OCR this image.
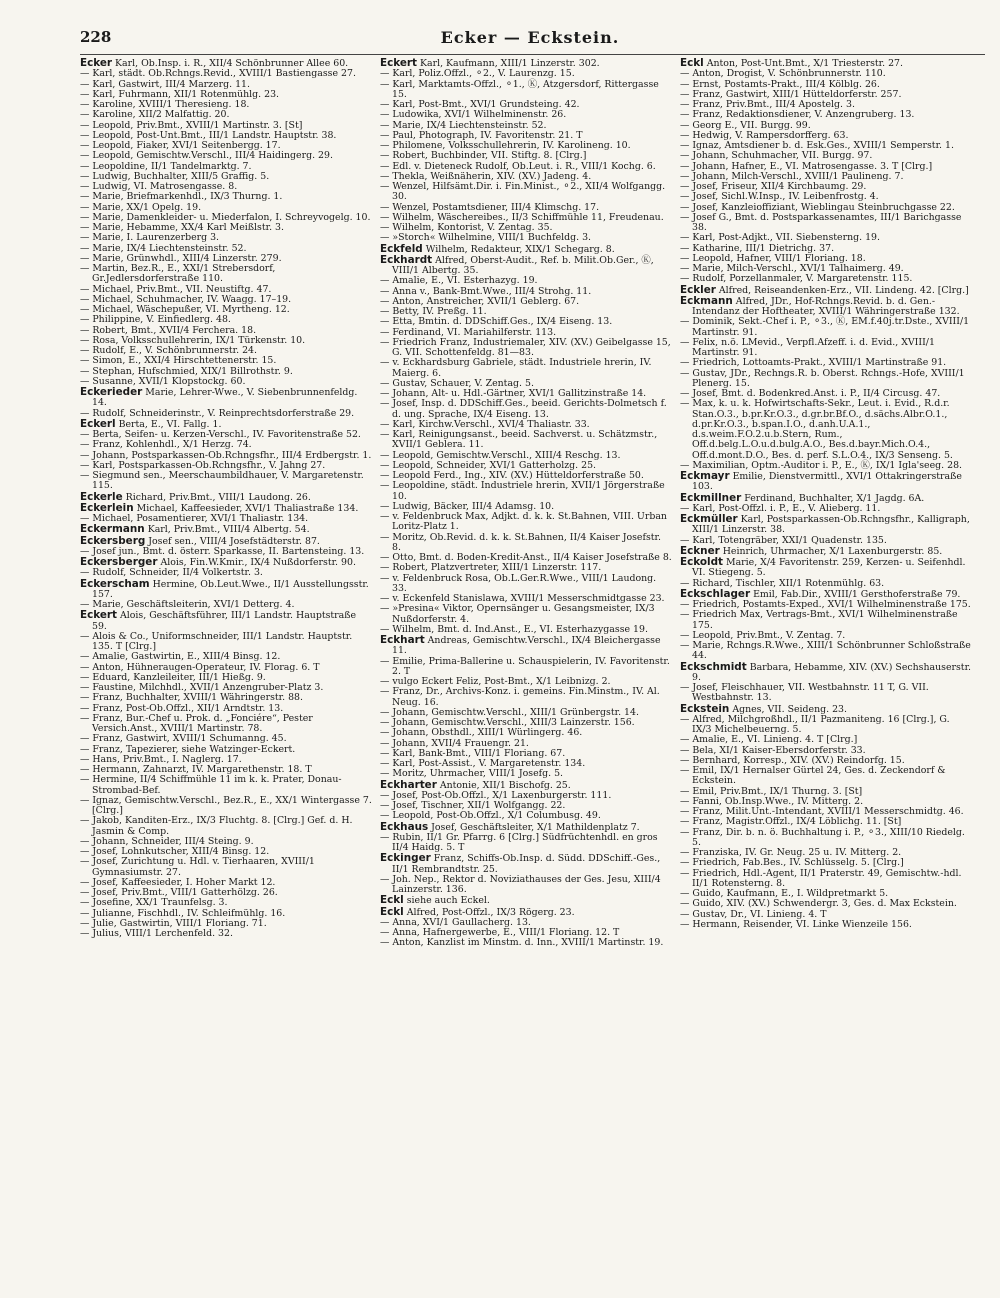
228	Ecker — Eckstein.
Ecker Karl, Ob.Insp. i. R., XII/4 Schönbrunner Allee 60.
— Karl, städt. Ob.Rchngs.Revid., XVIII/1 Bastiengasse 27.
— Karl, Gastwirt, III/4 Marzerg. 11.
— Karl, Fuhrmann, XII/1 Rotenmühlg. 23.
— Karoline, XVIII/1 Theresieng. 18.
— Karoline, XII/2 Malfattig. 20.
— Leopold, Priv.Bmt., XVIII/1 Martinstr. 3. [St]
— Leopold, Post-Unt.Bmt., III/1 Landstr. Hauptstr. 38.
— Leopold, Fiaker, XVI/1 Seitenbergg. 17.
— Leopold, Gemischtw.Verschl., III/4 Haidingerg. 29.
— Leopoldine, II/1 Tandelmarktg. 7.
— Ludwig, Buchhalter, XIII/5 Graffig. 5.
— Ludwig, VI. Matrosengasse. 8.
— Marie, Briefmarkenhdl., IX/3 Thurng. 1.
— Marie, XX/1 Opelg. 19.
— Marie, Damenkleider- u. Miederfalon, I. Schreyvogelg. 10.
— Marie, Hebamme, XX/4 Karl Meißlstr. 3.
— Marie, I. Laurenzerberg 3.
— Marie, IX/4 Liechtensteinstr. 52.
— Marie, Grünwhdl., XIII/4 Linzerstr. 279.
— Martin, Bez.R., E., XXI/1 Strebersdorf, Gr.Jedlersdorferstraße 110.
— Michael, Priv.Bmt., VII. Neustiftg. 47.
— Michael, Schuhmacher, IV. Waagg. 17–19.
— Michael, Wäschepußer, VI. Myrtheng. 12.
— Philippine, V. Einfiedlerg. 48.
— Robert, Bmt., XVII/4 Ferchera. 18.
— Rosa, Volksschullehrerin, IX/1 Türkenstr. 10.
— Rudolf, E., V. Schönbrunnerstr. 24.
— Simon, E., XXI/4 Hirschtettenerstr. 15.
— Stephan, Hufschmied, XIX/1 Billrothstr. 9.
— Susanne, XVII/1 Klopstockg. 60.
Eckerieder Marie, Lehrer-Wwe., V. Siebenbrunnenfeldg. 14.
— Rudolf, Schneiderinstr., V. Reinprechtsdorferstraße 29.
Eckerl Berta, E., VI. Fallg. 1.
— Berta, Seifen- u. Kerzen-Verschl., IV. Favoritenstraße 52.
— Franz, Kohlenhdl., X/1 Herzg. 74.
— Johann, Postsparkassen-Ob.Rchngsfhr., III/4 Erdbergstr. 1.
— Karl, Postsparkassen-Ob.Rchngsfhr., V. Jahng 27.
— Siegmund sen., Meerschaumbildhauer, V. Margaretenstr. 115.
Eckerle Richard, Priv.Bmt., VIII/1 Laudong. 26.
Eckerlein Michael, Kaffeesieder, XVI/1 Thaliastraße 134.
— Michael, Posamentierer, XVI/1 Thaliastr. 134.
Eckermann Karl, Priv.Bmt., VIII/4 Albertg. 54.
Eckersberg Josef sen., VIII/4 Josefstädterstr. 87.
— Josef jun., Bmt. d. österr. Sparkasse, II. Bartensteing. 13.
Eckersberger Alois, Fin.W.Kmir., IX/4 Nußdorferstr. 90.
— Rudolf, Schneider, II/4 Volkertstr. 3.
Eckerscham Hermine, Ob.Leut.Wwe., II/1 Ausstellungsstr. 157.
— Marie, Geschäftsleiterin, XVI/1 Detterg. 4.
Eckert Alois, Geschäftsführer, III/1 Landstr. Hauptstraße 59.
— Alois & Co., Uniformschneider, III/1 Landstr. Hauptstr. 135. T [Clrg.]
— Amalie, Gastwirtin, E., XIII/4 Binsg. 12.
— Anton, Hühneraugen-Operateur, IV. Florag. 6. T
— Eduard, Kanzleileiter, III/1 Hießg. 9.
— Faustine, Milchhdl., XVII/1 Anzengruber-Platz 3.
— Franz, Buchhalter, XVIII/1 Währingerstr. 88.
— Franz, Post-Ob.Offzl., XII/1 Arndtstr. 13.
— Franz, Bur.-Chef u. Prok. d. „Fonciére“, Pester Versich.Anst., XVIII/1 Martinstr. 78.
— Franz, Gastwirt, XVIII/1 Schumanng. 45.
— Franz, Tapezierer, siehe Watzinger-Eckert.
— Hans, Priv.Bmt., I. Naglerg. 17.
— Hermann, Zahnarzt, IV. Margarethenstr. 18. T
— Hermine, II/4 Schiffmühle 11 im k. k. Prater, Donau-Strombad-Bef.
— Ignaz, Gemischtw.Verschl., Bez.R., E., XX/1 Wintergasse 7. [Clrg.]
— Jakob, Kanditen-Erz., IX/3 Fluchtg. 8. [Clrg.] Gef. d. H. Jasmin & Comp.
— Johann, Schneider, III/4 Steing. 9.
— Josef, Lohnkutscher, XIII/4 Binsg. 12.
— Josef, Zurichtung u. Hdl. v. Tierhaaren, XVIII/1 Gymnasiumstr. 27.
— Josef, Kaffeesieder, I. Hoher Markt 12.
— Josef, Priv.Bmt., VIII/1 Gatterhölzg. 26.
— Josefine, XX/1 Traunfelsg. 3.
— Julianne, Fischhdl., IV. Schleifmühlg. 16.
— Julie, Gastwirtin, VIII/1 Floriang. 71.
— Julius, VIII/1 Lerchenfeld. 32.
Eckert Karl, Kaufmann, XIII/1 Linzerstr. 302.
— Karl, Poliz.Offzl., ⚬2., V. Laurenzg. 15.
— Karl, Marktamts-Offzl., ⚬1., Ⓚ, Atzgersdorf, Rittergasse 15.
— Karl, Post-Bmt., XVI/1 Grundsteing. 42.
— Ludowika, XVI/1 Wilhelminenstr. 26.
— Marie, IX/4 Liechtensteinstr. 52.
— Paul, Photograph, IV. Favoritenstr. 21. T
— Philomene, Volksschullehrerin, IV. Karolineng. 10.
— Robert, Buchbinder, VII. Stiftg. 8. [Clrg.]
— Edl. v. Dieteneck Rudolf, Ob.Leut. i. R., VIII/1 Kochg. 6.
— Thekla, Weißnäherin, XIV. (XV.) Jadeng. 4.
— Wenzel, Hilfsämt.Dir. i. Fin.Minist., ⚬2., XII/4 Wolfgangg. 30.
— Wenzel, Postamtsdiener, III/4 Klimschg. 17.
— Wilhelm, Wäschereibes., II/3 Schiffmühle 11, Freudenau.
— Wilhelm, Kontorist, V. Zentag. 35.
— »Storch« Wilhelmine, VIII/1 Buchfeldg. 3.
Eckfeld Wilhelm, Redakteur, XIX/1 Schegarg. 8.
Eckhardt Alfred, Oberst-Audit., Ref. b. Milit.Ob.Ger., Ⓚ, VIII/1 Albertg. 35.
— Amalie, E., VI. Esterhazyg. 19.
— Anna v., Bank-Bmt.Wwe., III/4 Strohg. 11.
— Anton, Anstreicher, XVII/1 Geblerg. 67.
— Betty, IV. Preßg. 11.
— Etta, Bmtin. d. DDSchiff.Ges., IX/4 Eiseng. 13.
— Ferdinand, VI. Mariahilferstr. 113.
— Friedrich Franz, Industriemaler, XIV. (XV.) Geibelgasse 15, G. VII. Schottenfeldg. 81—83.
— v. Eckhardsburg Gabriele, städt. Industriele hrerin, IV. Maierg. 6.
— Gustav, Schauer, V. Zentag. 5.
— Johann, Alt- u. Hdl.-Gärtner, XVI/1 Gallitzinstraße 14.
— Josef, Insp. d. DDSchiff.Ges., beeid. Gerichts-Dolmetsch f. d. ung. Sprache, IX/4 Eiseng. 13.
— Karl, Kirchw.Verschl., XVI/4 Thaliastr. 33.
— Karl, Reinigungsanst., beeid. Sachverst. u. Schätzmstr., XVII/1 Geblera. 11.
— Leopold, Gemischtw.Verschl., XIII/4 Reschg. 13.
— Leopold, Schneider, XVI/1 Gatterholzg. 25.
— Leopold Ferd., Ing., XIV. (XV.) Hütteldorferstraße 50.
— Leopoldine, städt. Industriele hrerin, XVII/1 Jörgerstraße 10.
— Ludwig, Bäcker, III/4 Adamsg. 10.
— v. Feldenbruck Max, Adjkt. d. k. k. St.Bahnen, VIII. Urban Loritz-Platz 1.
— Moritz, Ob.Revid. d. k. k. St.Bahnen, II/4 Kaiser Josefstr. 8.
— Otto, Bmt. d. Boden-Kredit-Anst., II/4 Kaiser Josefstraße 8.
— Robert, Platzvertreter, XIII/1 Linzerstr. 117.
— v. Feldenbruck Rosa, Ob.L.Ger.R.Wwe., VIII/1 Laudong. 33.
— v. Eckenfeld Stanislawa, XVIII/1 Messerschmidtgasse 23.
— »Presina« Viktor, Opernsänger u. Gesangsmeister, IX/3 Nußdorferstr. 4.
— Wilhelm, Bmt. d. Ind.Anst., E., VI. Esterhazygasse 19.
Eckhart Andreas, Gemischtw.Verschl., IX/4 Bleichergasse 11.
— Emilie, Prima-Ballerine u. Schauspielerin, IV. Favoritenstr. 2. T
— vulgo Eckert Feliz, Post-Bmt., X/1 Leibnizg. 2.
— Franz, Dr., Archivs-Konz. i. gemeins. Fin.Minstm., IV. Al. Neug. 16.
— Johann, Gemischtw.Verschl., XIII/1 Grünbergstr. 14.
— Johann, Gemischtw.Verschl., XIII/3 Lainzerstr. 156.
— Johann, Obsthdl., XIII/1 Würlingerg. 46.
— Johann, XVII/4 Frauengr. 21.
— Karl, Bank-Bmt., VIII/1 Floriang. 67.
— Karl, Post-Assist., V. Margaretenstr. 134.
— Moritz, Uhrmacher, VIII/1 Josefg. 5.
Eckharter Antonie, XII/1 Bischofg. 25.
— Josef, Post-Ob.Offzl., X/1 Laxenburgerstr. 111.
— Josef, Tischner, XII/1 Wolfgangg. 22.
— Leopold, Post-Ob.Offzl., X/1 Columbusg. 49.
Eckhaus Josef, Geschäftsleiter, X/1 Mathildenplatz 7.
— Rubin, II/1 Gr. Pfarrg. 6 [Clrg.] Südfrüchtenhdl. en gros II/4 Haidg. 5. T
Eckinger Franz, Schiffs-Ob.Insp. d. Südd. DDSchiff.-Ges., II/1 Rembrandtstr. 25.
— Joh. Nep., Rektor d. Noviziathauses der Ges. Jesu, XIII/4 Lainzerstr. 136.
Eckl siehe auch Eckel.
Eckl Alfred, Post-Offzl., IX/3 Rögerg. 23.
— Anna, XVI/1 Gaullacherg. 13.
— Anna, Hafnergewerbe, E., VIII/1 Floriang. 12. T
— Anton, Kanzlist im Minstm. d. Inn., XVIII/1 Martinstr. 19.
Eckl Anton, Post-Unt.Bmt., X/1 Triesterstr. 27.
— Anton, Drogist, V. Schönbrunnerstr. 110.
— Ernst, Postamts-Prakt., III/4 Kölblg. 26.
— Franz, Gastwirt, XIII/1 Hütteldorferstr. 257.
— Franz, Priv.Bmt., III/4 Apostelg. 3.
— Franz, Redaktionsdiener, V. Anzengruberg. 13.
— Georg E., VII. Burgg. 99.
— Hedwig, V. Rampersdorfferg. 63.
— Ignaz, Amtsdiener b. d. Esk.Ges., XVIII/1 Semperstr. 1.
— Johann, Schuhmacher, VII. Burgg. 97.
— Johann, Hafner, E., VI. Matrosengasse. 3. T [Clrg.]
— Johann, Milch-Verschl., XVIII/1 Paulineng. 7.
— Josef, Friseur, XII/4 Kirchbaumg. 29.
— Josef, Sichl.W.Insp., IV. Leibenfrostg. 4.
— Josef, Kanzleioffiziant, Wieblingau Steinbruchgasse 22.
— Josef G., Bmt. d. Postsparkassenamtes, III/1 Barichgasse 38.
— Karl, Post-Adjkt., VII. Siebensterng. 19.
— Katharine, III/1 Dietrichg. 37.
— Leopold, Hafner, VIII/1 Floriang. 18.
— Marie, Milch-Verschl., XVI/1 Talhaimerg. 49.
— Rudolf, Porzellanmaler, V. Margaretenstr. 115.
Eckler Alfred, Reiseandenken-Erz., VII. Lindeng. 42. [Clrg.]
Eckmann Alfred, JDr., Hof-Rchngs.Revid. b. d. Gen.-Intendanz der Hoftheater, XVIII/1 Währingerstraße 132.
— Dominik, Sekt.-Chef i. P., ⚬3., Ⓚ, EM.f.40j.tr.Dste., XVIII/1 Martinstr. 91.
— Felix, n.ö. LMevid., Verpfl.Afzeff. i. d. Evid., XVIII/1 Martinstr. 91.
— Friedrich, Lottoamts-Prakt., XVIII/1 Martinstraße 91.
— Gustav, JDr., Rechngs.R. b. Oberst. Rchngs.-Hofe, XVIII/1 Plenerg. 15.
— Josef, Bmt. d. Bodenkred.Anst. i. P., II/4 Circusg. 47.
— Max, k. u. k. Hofwirtschafts-Sekr., Leut. i. Evid., R.d.r. Stan.O.3., b.pr.Kr.O.3., d.gr.br.Bf.O., d.sächs.Albr.O.1., d.pr.Kr.O.3., b.span.I.O., d.anh.U.A.1., d.s.weim.F.O.2.u.b.Stern, Rum., Off.d.belg.L.O.u.d.bulg.A.O., Bes.d.bayr.Mich.O.4., Off.d.mont.D.O., Bes. d. perf. S.L.O.4., IX/3 Senseng. 5.
— Maximilian, Optm.-Auditor i. P., E., Ⓚ, IX/1 Igla'seeg. 28.
Eckmayr Emilie, Dienstvermittl., XVI/1 Ottakringerstraße 103.
Eckmillner Ferdinand, Buchhalter, X/1 Jagdg. 6A.
— Karl, Post-Offzl. i. P., E., V. Alieberg. 11.
Eckmüller Karl, Postsparkassen-Ob.Rchngsfhr., Kalligraph, XIII/1 Linzerstr. 38.
— Karl, Totengräber, XXI/1 Quadenstr. 135.
Eckner Heinrich, Uhrmacher, X/1 Laxenburgerstr. 85.
Eckoldt Marie, X/4 Favoritenstr. 259, Kerzen- u. Seifenhdl. VI. Stiegeng. 5.
— Richard, Tischler, XII/1 Rotenmühlg. 63.
Eckschlager Emil, Fab.Dir., XVIII/1 Gersthoferstraße 79.
— Friedrich, Postamts-Exped., XVI/1 Wilhelminenstraße 175.
— Friedrich Max, Vertrags-Bmt., XVI/1 Wilhelminenstraße 175.
— Leopold, Priv.Bmt., V. Zentag. 7.
— Marie, Rchngs.R.Wwe., XIII/1 Schönbrunner Schloßstraße 44.
Eckschmidt Barbara, Hebamme, XIV. (XV.) Sechshauserstr. 9.
— Josef, Fleischhauer, VII. Westbahnstr. 11 T, G. VII. Westbahnstr. 13.
Eckstein Agnes, VII. Seideng. 23.
— Alfred, Milchgroßhdl., II/1 Pazmaniteng. 16 [Clrg.], G. IX/3 Michelbeuerng. 5.
— Amalie, E., VI. Linieng. 4. T [Clrg.]
— Bela, XI/1 Kaiser-Ebersdorferstr. 33.
— Bernhard, Korresp., XIV. (XV.) Reindorfg. 15.
— Emil, IX/1 Hernalser Gürtel 24, Ges. d. Zeckendorf & Eckstein.
— Emil, Priv.Bmt., IX/1 Thurng. 3. [St]
— Fanni, Ob.Insp.Wwe., IV. Mitterg. 2.
— Franz, Milit.Unt.-Intendant, XVIII/1 Messerschmidtg. 46.
— Franz, Magistr.Offzl., IX/4 Löblichg. 11. [St]
— Franz, Dir. b. n. ö. Buchhaltung i. P., ⚬3., XIII/10 Riedelg. 5.
— Franziska, IV. Gr. Neug. 25 u. IV. Mitterg. 2.
— Friedrich, Fab.Bes., IV. Schlüsselg. 5. [Clrg.]
— Friedrich, Hdl.-Agent, II/1 Praterstr. 49, Gemischtw.-hdl. II/1 Rotensterng. 8.
— Guido, Kaufmann, E., I. Wildpretmarkt 5.
— Guido, XIV. (XV.) Schwendergr. 3, Ges. d. Max Eckstein.
— Gustav, Dr., VI. Linieng. 4. T
— Hermann, Reisender, VI. Linke Wienzeile 156.
